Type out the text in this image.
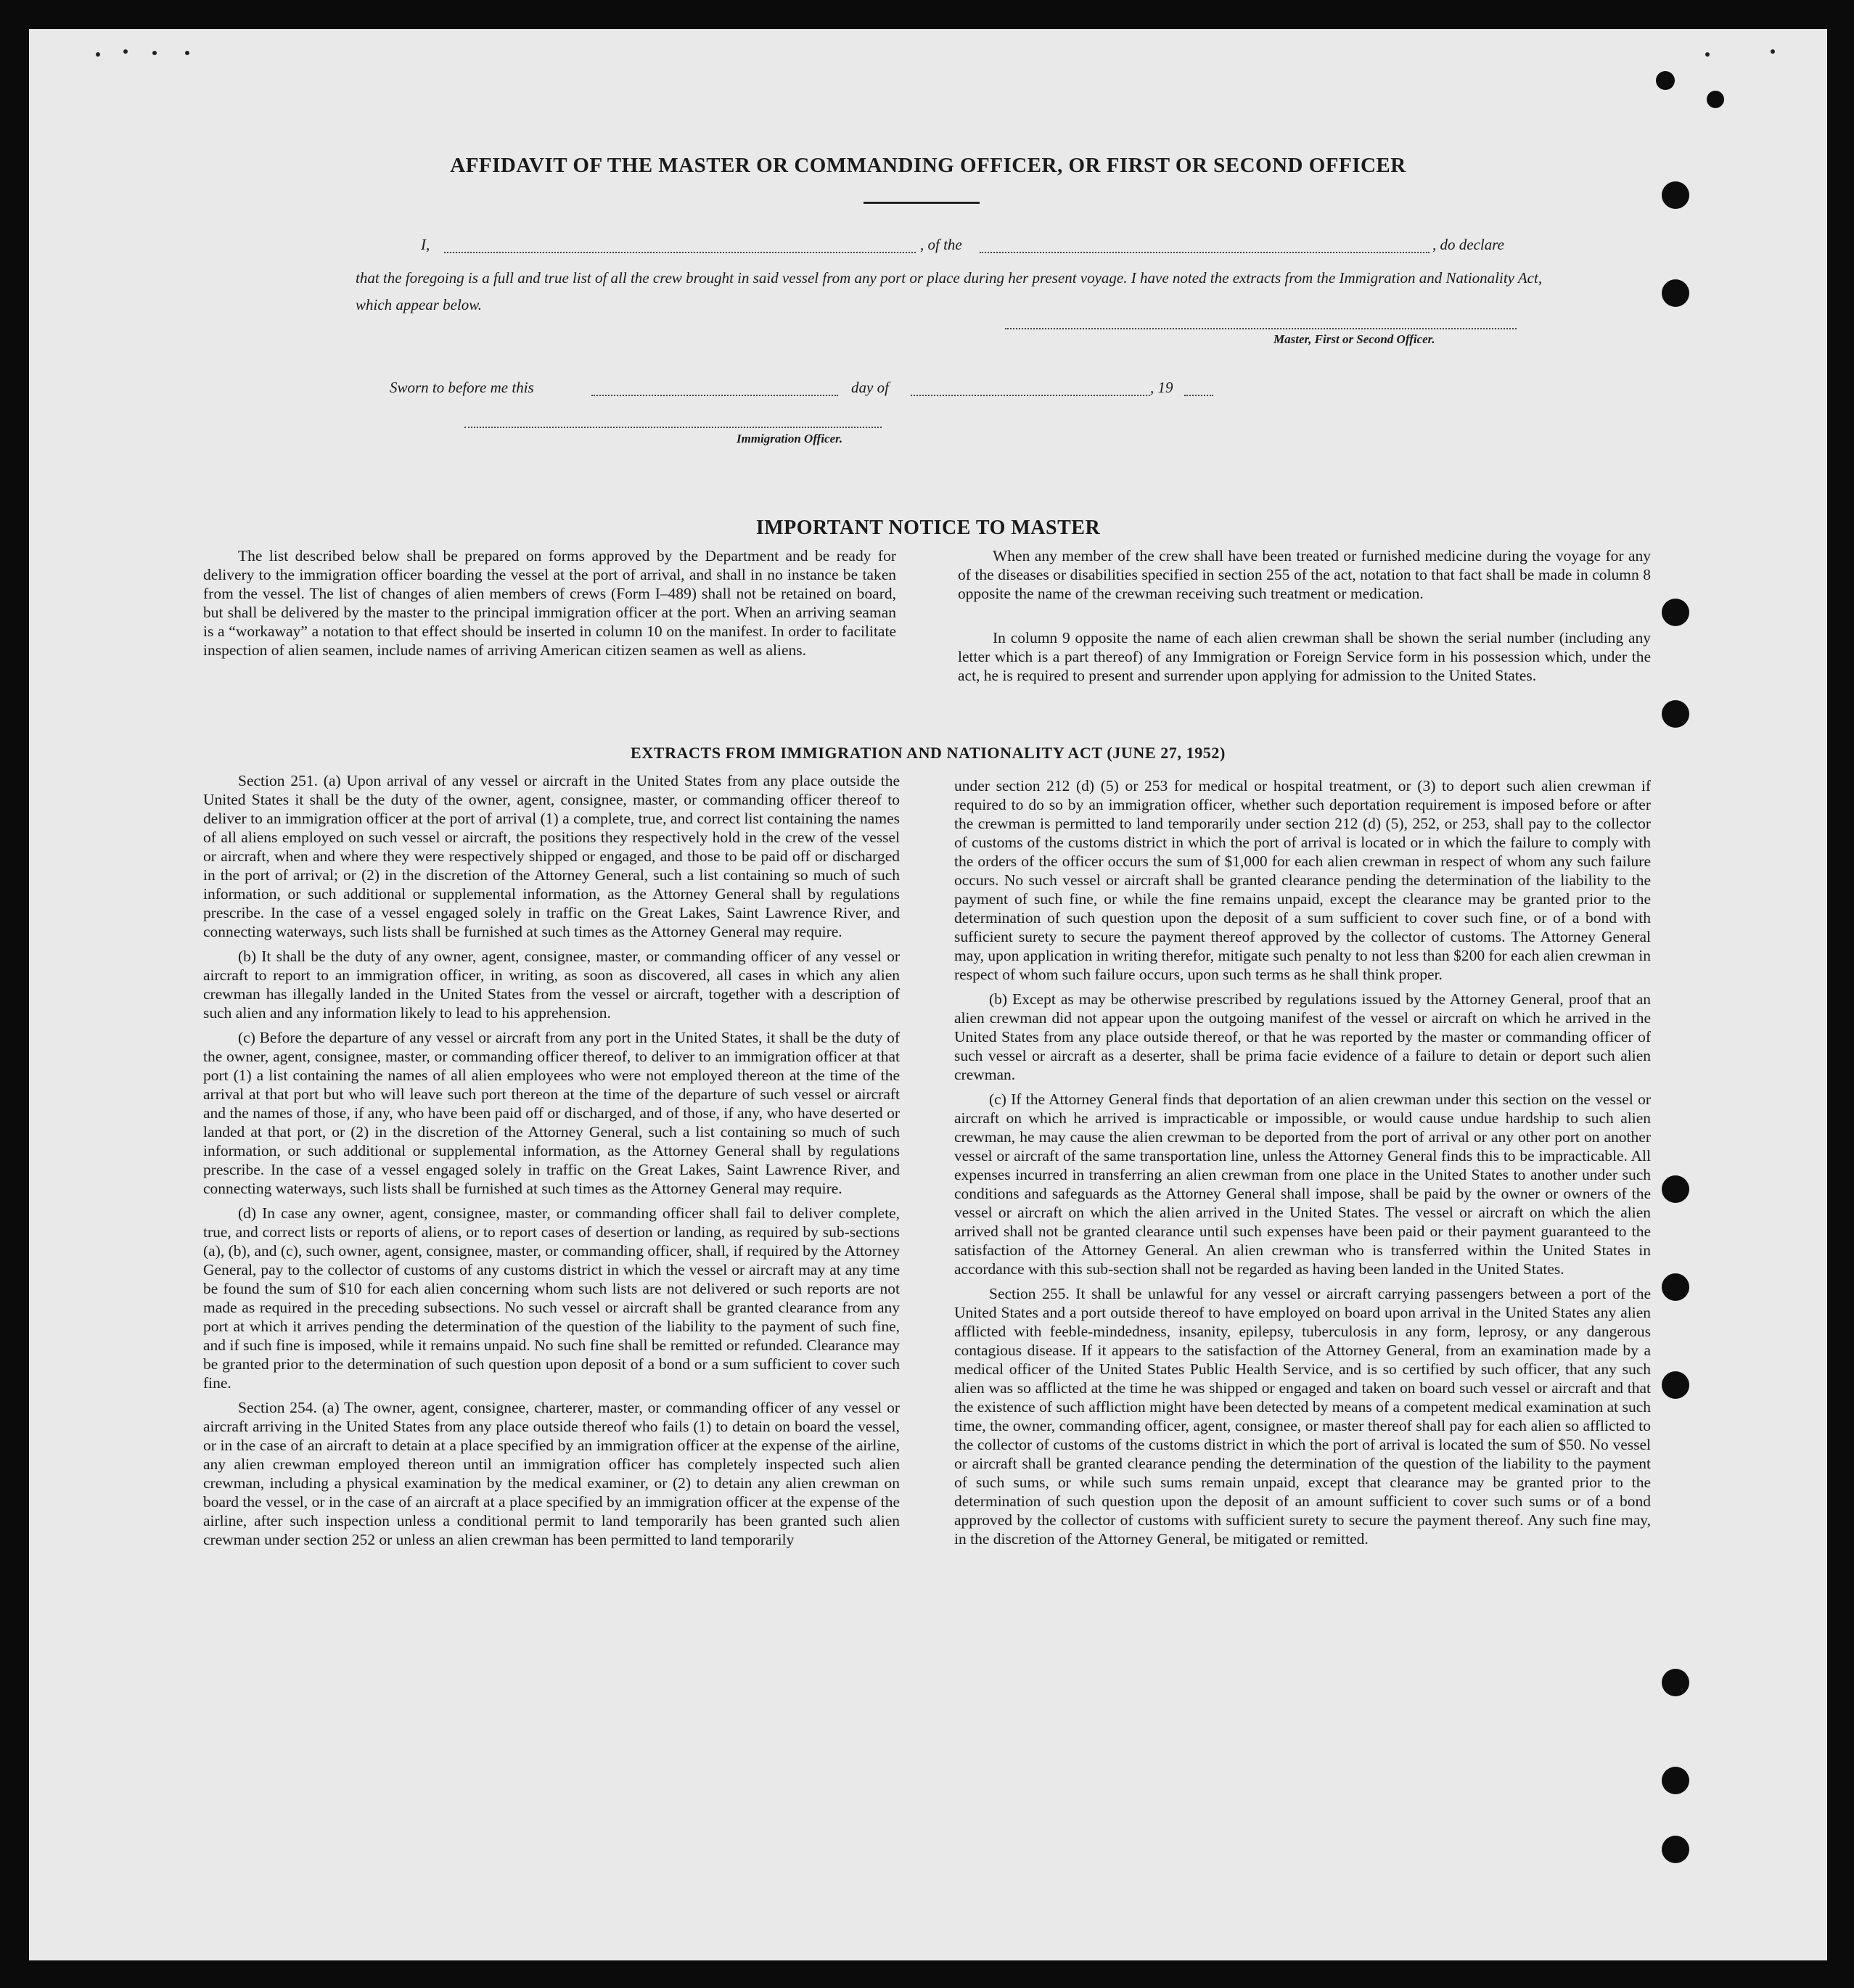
AFFIDAVIT OF THE MASTER OR COMMANDING OFFICER, OR FIRST OR SECOND OFFICER
I,	, of the	, do declare
that the foregoing is a full and true list of all the crew brought in said vessel from any port or place during her present voyage. I have noted the extracts from the Immigration and Nationality Act, which appear below.
Master, First or Second Officer.
Sworn to before me this	day of	, 19
Immigration Officer.
IMPORTANT NOTICE TO MASTER
The list described below shall be prepared on forms approved by the Department and be ready for delivery to the immigration officer boarding the vessel at the port of arrival, and shall in no instance be taken from the vessel. The list of changes of alien members of crews (Form I–489) shall not be retained on board, but shall be delivered by the master to the principal immigration officer at the port. When an arriving seaman is a “workaway” a notation to that effect should be inserted in column 10 on the manifest. In order to facilitate inspection of alien seamen, include names of arriving American citizen seamen as well as aliens.
When any member of the crew shall have been treated or furnished medicine during the voyage for any of the diseases or disabilities specified in section 255 of the act, notation to that fact shall be made in column 8 opposite the name of the crewman receiving such treatment or medication.
In column 9 opposite the name of each alien crewman shall be shown the serial number (including any letter which is a part thereof) of any Immigration or Foreign Service form in his possession which, under the act, he is required to present and surrender upon applying for admission to the United States.
EXTRACTS FROM IMMIGRATION AND NATIONALITY ACT (JUNE 27, 1952)

Section 251. (a) Upon arrival of any vessel or aircraft in the United States from any place outside the United States it shall be the duty of the owner, agent, consignee, master, or commanding officer thereof to deliver to an immigration officer at the port of arrival (1) a complete, true, and correct list containing the names of all aliens employed on such vessel or aircraft, the positions they respectively hold in the crew of the vessel or aircraft, when and where they were respectively shipped or engaged, and those to be paid off or discharged in the port of arrival; or (2) in the discretion of the Attorney General, such a list containing so much of such information, or such additional or supplemental information, as the Attorney General shall by regulations prescribe. In the case of a vessel engaged solely in traffic on the Great Lakes, Saint Lawrence River, and connecting waterways, such lists shall be furnished at such times as the Attorney General may require.

(b) It shall be the duty of any owner, agent, consignee, master, or commanding officer of any vessel or aircraft to report to an immigration officer, in writing, as soon as discovered, all cases in which any alien crewman has illegally landed in the United States from the vessel or aircraft, together with a description of such alien and any information likely to lead to his apprehension.

(c) Before the departure of any vessel or aircraft from any port in the United States, it shall be the duty of the owner, agent, consignee, master, or commanding officer thereof, to deliver to an immigration officer at that port (1) a list containing the names of all alien employees who were not employed thereon at the time of the arrival at that port but who will leave such port thereon at the time of the departure of such vessel or aircraft and the names of those, if any, who have been paid off or discharged, and of those, if any, who have deserted or landed at that port, or (2) in the discretion of the Attorney General, such a list containing so much of such information, or such additional or supplemental information, as the Attorney General shall by regulations prescribe. In the case of a vessel engaged solely in traffic on the Great Lakes, Saint Lawrence River, and connecting waterways, such lists shall be furnished at such times as the Attorney General may require.

(d) In case any owner, agent, consignee, master, or commanding officer shall fail to deliver complete, true, and correct lists or reports of aliens, or to report cases of desertion or landing, as required by sub-sections (a), (b), and (c), such owner, agent, consignee, master, or commanding officer, shall, if required by the Attorney General, pay to the collector of customs of any customs district in which the vessel or aircraft may at any time be found the sum of $10 for each alien concerning whom such lists are not delivered or such reports are not made as required in the preceding subsections. No such vessel or aircraft shall be granted clearance from any port at which it arrives pending the determination of the question of the liability to the payment of such fine, and if such fine is imposed, while it remains unpaid. No such fine shall be remitted or refunded. Clearance may be granted prior to the determination of such question upon deposit of a bond or a sum sufficient to cover such fine.

Section 254. (a) The owner, agent, consignee, charterer, master, or commanding officer of any vessel or aircraft arriving in the United States from any place outside thereof who fails (1) to detain on board the vessel, or in the case of an aircraft to detain at a place specified by an immigration officer at the expense of the airline, any alien crewman employed thereon until an immigration officer has completely inspected such alien crewman, including a physical examination by the medical examiner, or (2) to detain any alien crewman on board the vessel, or in the case of an aircraft at a place specified by an immigration officer at the expense of the airline, after such inspection unless a conditional permit to land temporarily has been granted such alien crewman under section 252 or unless an alien crewman has been permitted to land temporarily

under section 212 (d) (5) or 253 for medical or hospital treatment, or (3) to deport such alien crewman if required to do so by an immigration officer, whether such deportation requirement is imposed before or after the crewman is permitted to land temporarily under section 212 (d) (5), 252, or 253, shall pay to the collector of customs of the customs district in which the port of arrival is located or in which the failure to comply with the orders of the officer occurs the sum of $1,000 for each alien crewman in respect of whom any such failure occurs. No such vessel or aircraft shall be granted clearance pending the determination of the liability to the payment of such fine, or while the fine remains unpaid, except the clearance may be granted prior to the determination of such question upon the deposit of a sum sufficient to cover such fine, or of a bond with sufficient surety to secure the payment thereof approved by the collector of customs. The Attorney General may, upon application in writing therefor, mitigate such penalty to not less than $200 for each alien crewman in respect of whom such failure occurs, upon such terms as he shall think proper.

(b) Except as may be otherwise prescribed by regulations issued by the Attorney General, proof that an alien crewman did not appear upon the outgoing manifest of the vessel or aircraft on which he arrived in the United States from any place outside thereof, or that he was reported by the master or commanding officer of such vessel or aircraft as a deserter, shall be prima facie evidence of a failure to detain or deport such alien crewman.

(c) If the Attorney General finds that deportation of an alien crewman under this section on the vessel or aircraft on which he arrived is impracticable or impossible, or would cause undue hardship to such alien crewman, he may cause the alien crewman to be deported from the port of arrival or any other port on another vessel or aircraft of the same transportation line, unless the Attorney General finds this to be impracticable. All expenses incurred in transferring an alien crewman from one place in the United States to another under such conditions and safeguards as the Attorney General shall impose, shall be paid by the owner or owners of the vessel or aircraft on which the alien arrived in the United States. The vessel or aircraft on which the alien arrived shall not be granted clearance until such expenses have been paid or their payment guaranteed to the satisfaction of the Attorney General. An alien crewman who is transferred within the United States in accordance with this sub-section shall not be regarded as having been landed in the United States.

Section 255. It shall be unlawful for any vessel or aircraft carrying passengers between a port of the United States and a port outside thereof to have employed on board upon arrival in the United States any alien afflicted with feeble-mindedness, insanity, epilepsy, tuberculosis in any form, leprosy, or any dangerous contagious disease. If it appears to the satisfaction of the Attorney General, from an examination made by a medical officer of the United States Public Health Service, and is so certified by such officer, that any such alien was so afflicted at the time he was shipped or engaged and taken on board such vessel or aircraft and that the existence of such affliction might have been detected by means of a competent medical examination at such time, the owner, commanding officer, agent, consignee, or master thereof shall pay for each alien so afflicted to the collector of customs of the customs district in which the port of arrival is located the sum of $50. No vessel or aircraft shall be granted clearance pending the determination of the question of the liability to the payment of such sums, or while such sums remain unpaid, except that clearance may be granted prior to the determination of such question upon the deposit of an amount sufficient to cover such sums or of a bond approved by the collector of customs with sufficient surety to secure the payment thereof. Any such fine may, in the discretion of the Attorney General, be mitigated or remitted.
